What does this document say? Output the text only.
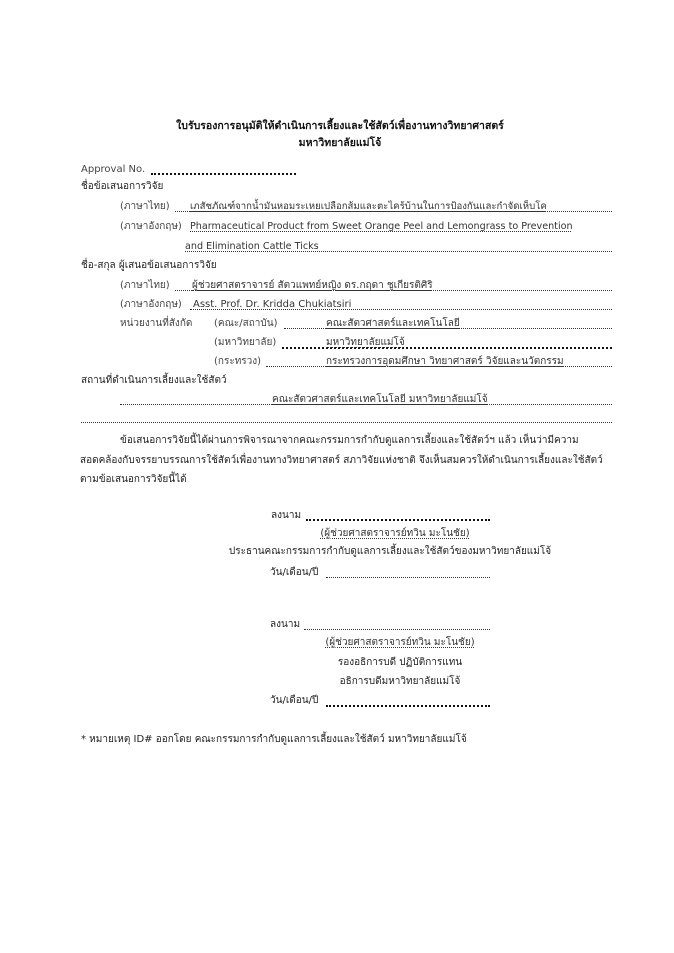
ใบรับรองการอนุมัติให้ดำเนินการเลี้ยงและใช้สัตว์เพื่องานทางวิทยาศาสตร์
มหาวิทยาลัยแม่โจ้
Approval No.
ชื่อข้อเสนอการวิจัย
(ภาษาไทย) เภสัชภัณฑ์จากน้ำมันหอมระเหยเปลือกส้มและตะไคร้บ้านในการป้องกันและกำจัดเห็บโค
(ภาษาอังกฤษ) Pharmaceutical Product from Sweet Orange Peel and Lemongrass to Prevention
and Elimination Cattle Ticks
ชื่อ-สกุล ผู้เสนอข้อเสนอการวิจัย
(ภาษาไทย) ผู้ช่วยศาสตราจารย์ สัตวแพทย์หญิง ดร.กฤดา ชูเกียรติศิริ
(ภาษาอังกฤษ) Asst. Prof. Dr. Kridda Chukiatsiri
หน่วยงานที่สังกัด (คณะ/สถาบัน)	คณะสัตวศาสตร์และเทคโนโลยี
(มหาวิทยาลัย)	มหาวิทยาลัยแม่โจ้
(กระทรวง)	กระทรวงการอุดมศึกษา วิทยาศาสตร์ วิจัยและนวัตกรรม
สถานที่ดำเนินการเลี้ยงและใช้สัตว์
คณะสัตวศาสตร์และเทคโนโลยี มหาวิทยาลัยแม่โจ้
ข้อเสนอการวิจัยนี้ได้ผ่านการพิจารณาจากคณะกรรมการกำกับดูแลการเลี้ยงและใช้สัตว์ฯ แล้ว เห็นว่ามีความสอดคล้องกับจรรยาบรรณการใช้สัตว์เพื่องานทางวิทยาศาสตร์ สภาวิจัยแห่งชาติ จึงเห็นสมควรให้ดำเนินการเลี้ยงและใช้สัตว์ ตามข้อเสนอการวิจัยนี้ได้
ลงนาม
(ผู้ช่วยศาสตราจารย์ทวิน มะโนชัย)
ประธานคณะกรรมการกำกับดูแลการเลี้ยงและใช้สัตว์ของมหาวิทยาลัยแม่โจ้
วัน/เดือน/ปี
ลงนาม
(ผู้ช่วยศาสตราจารย์ทวิน มะโนชัย)
รองอธิการบดี ปฏิบัติการแทน
อธิการบดีมหาวิทยาลัยแม่โจ้
วัน/เดือน/ปี
* หมายเหตุ ID# ออกโดย คณะกรรมการกำกับดูแลการเลี้ยงและใช้สัตว์ มหาวิทยาลัยแม่โจ้
